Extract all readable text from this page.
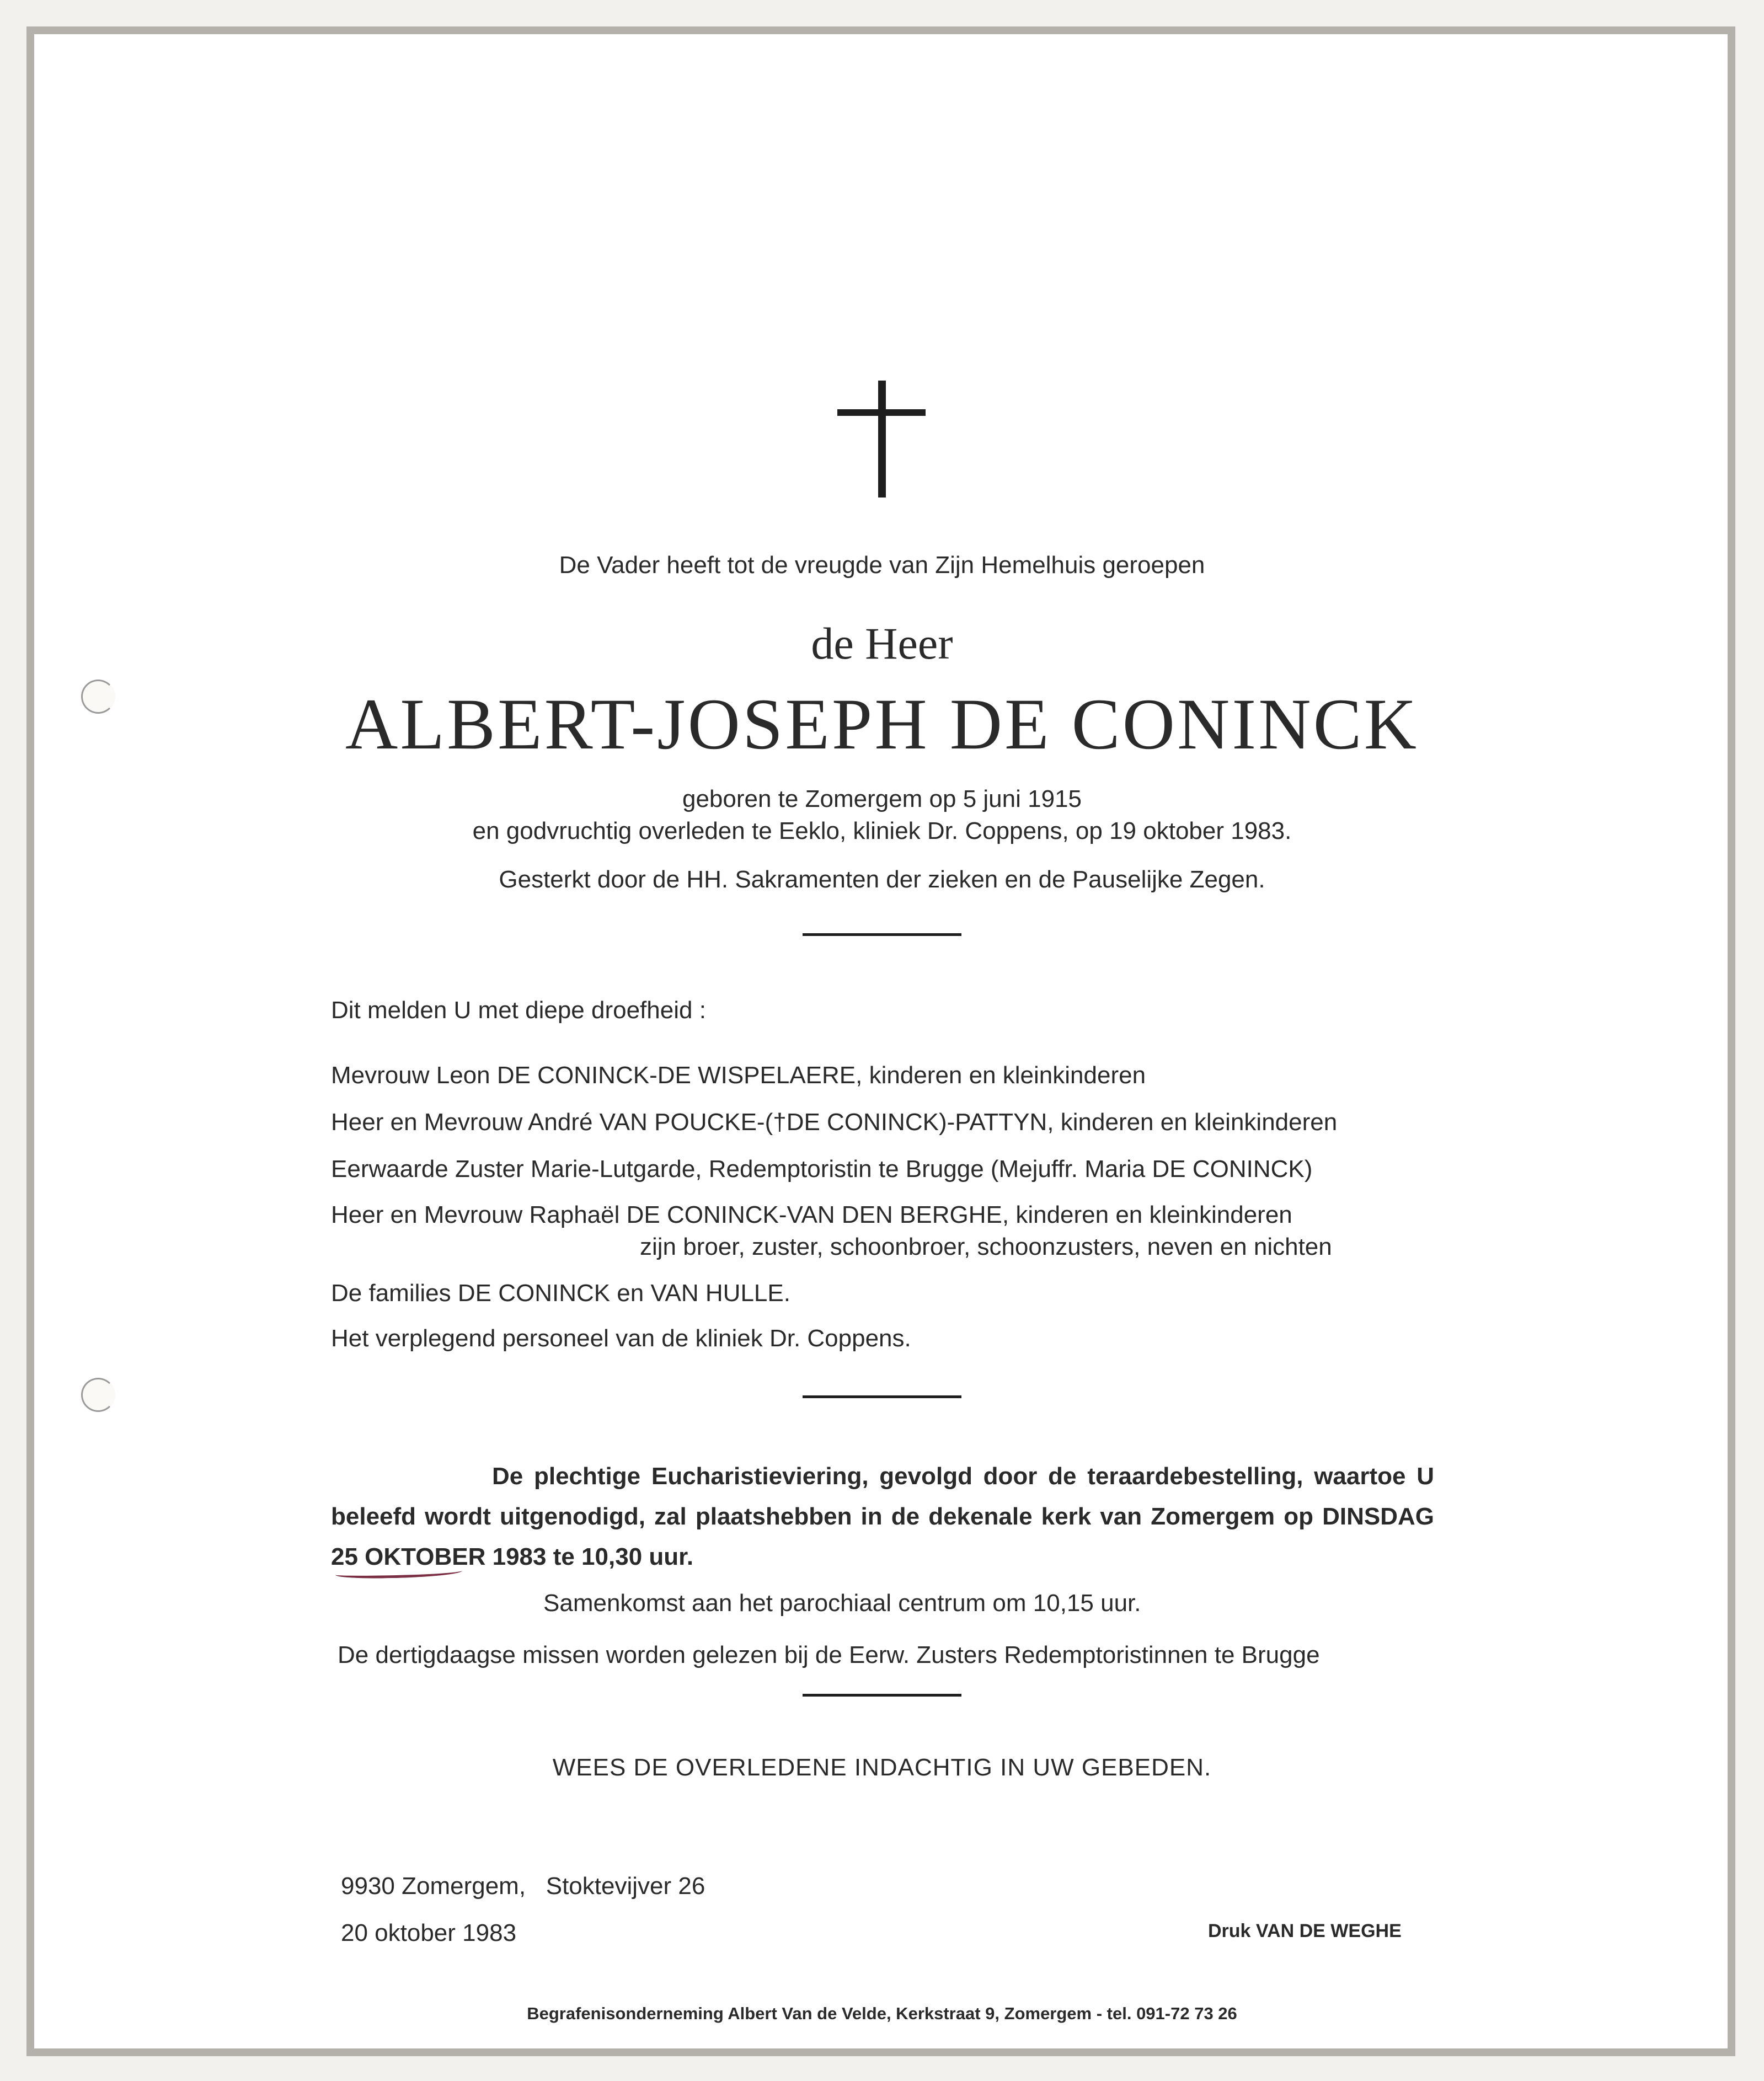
De Vader heeft tot de vreugde van Zijn Hemelhuis geroepen
de Heer
ALBERT-JOSEPH DE CONINCK
geboren te Zomergem op 5 juni 1915
en godvruchtig overleden te Eeklo, kliniek Dr. Coppens, op 19 oktober 1983.
Gesterkt door de HH. Sakramenten der zieken en de Pauselijke Zegen.
Dit melden U met diepe droefheid :
Mevrouw Leon DE CONINCK-DE WISPELAERE, kinderen en kleinkinderen
Heer en Mevrouw André VAN POUCKE-(†DE CONINCK)-PATTYN, kinderen en kleinkinderen
Eerwaarde Zuster Marie-Lutgarde, Redemptoristin te Brugge (Mejuffr. Maria DE CONINCK)
Heer en Mevrouw Raphaël DE CONINCK-VAN DEN BERGHE, kinderen en kleinkinderen
zijn broer, zuster, schoonbroer, schoonzusters, neven en nichten
De families DE CONINCK en VAN HULLE.
Het verplegend personeel van de kliniek Dr. Coppens.
De plechtige Eucharistieviering, gevolgd door de teraardebestelling, waartoe U beleefd wordt uitgenodigd, zal plaatshebben in de dekenale kerk van Zomergem op DINSDAG 25 OKTOBER 1983 te 10,30 uur.
Samenkomst aan het parochiaal centrum om 10,15 uur.
De dertigdaagse missen worden gelezen bij de Eerw. Zusters Redemptoristinnen te Brugge
WEES DE OVERLEDENE INDACHTIG IN UW GEBEDEN.
9930 Zomergem,   Stoktevijver 26
20 oktober 1983	Druk VAN DE WEGHE
Begrafenisonderneming Albert Van de Velde, Kerkstraat 9, Zomergem - tel. 091-72 73 26
